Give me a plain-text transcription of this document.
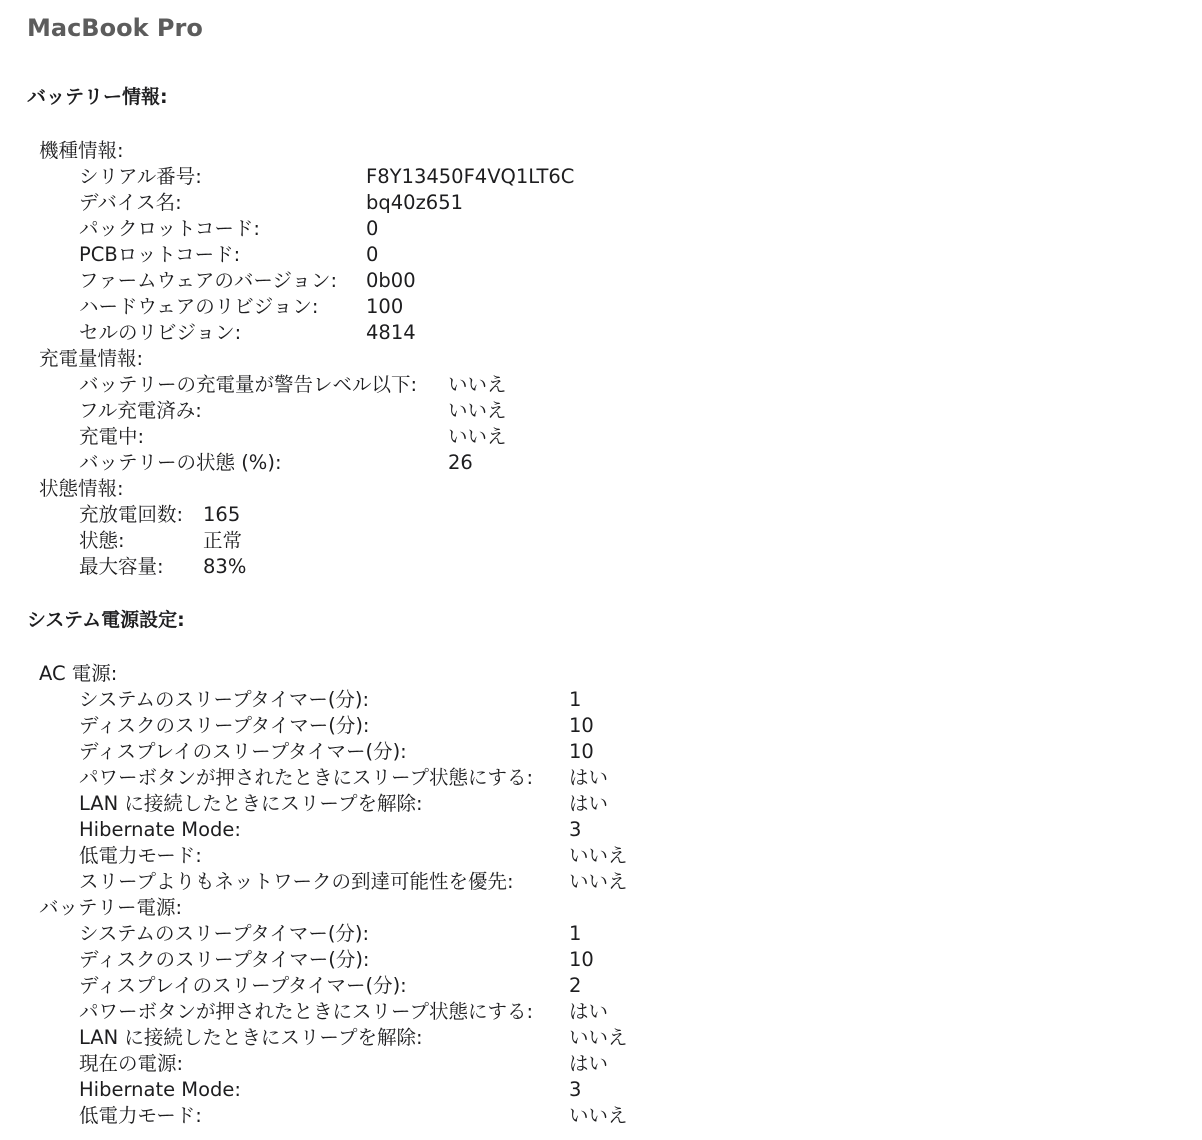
MacBook Pro
バッテリー情報:
機種情報:
シリアル番号:	F8Y13450F4VQ1LT6C
デバイス名:	bq40z651
パックロットコード:	0
PCBロットコード:	0
ファームウェアのバージョン: 0b00
ハードウェアのリビジョン: 100
セルのリビジョン:	4814
充電量情報:
バッテリーの充電量が警告レベル以下: いいえ
フル充電済み:	いいえ
充電中:	いいえ
バッテリーの状態 (%):	26
状態情報:
充放電回数: 165
状態:	正常
最大容量: 83%
システム電源設定:
AC 電源:
システムのスリープタイマー(分):	1
ディスクのスリープタイマー(分):	10
ディスプレイのスリープタイマー(分):	10
パワーボタンが押されたときにスリープ状態にする: はい
LAN に接続したときにスリープを解除:	はい
Hibernate Mode:	3
低電力モード:	いいえ
スリープよりもネットワークの到達可能性を優先:	いいえ
バッテリー電源:
システムのスリープタイマー(分):	1
ディスクのスリープタイマー(分):	10
ディスプレイのスリープタイマー(分):	2
パワーボタンが押されたときにスリープ状態にする: はい
LAN に接続したときにスリープを解除:	いいえ
現在の電源:	はい
Hibernate Mode:	3
低電力モード:	いいえ
